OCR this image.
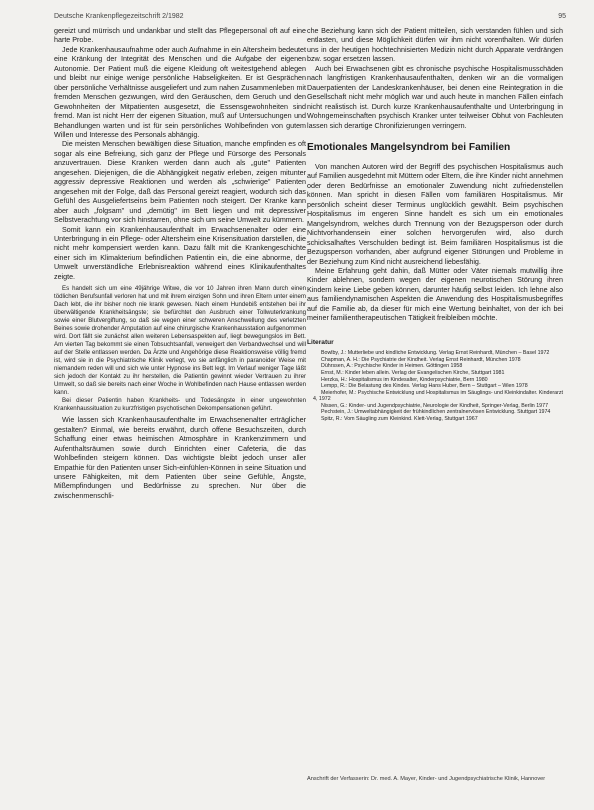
Deutsche Krankenpflegezeitschrift 2/1982	95

gereizt und mürrisch und undankbar und stellt das Pflegepersonal oft auf eine harte Probe.

Jede Krankenhausaufnahme oder auch Aufnahme in ein Altersheim bedeutet eine Kränkung der Integrität des Menschen und die Aufgabe der eigenen Autonomie. Der Patient muß die eigene Kleidung oft weitestgehend ablegen und bleibt nur einige wenige persönliche Habseligkeiten. Er ist Gesprächen über persönliche Verhältnisse ausgeliefert und zum nahen Zusammenleben mit fremden Menschen gezwungen, wird den Geräuschen, dem Geruch und den Gewohnheiten der Mitpatienten ausgesetzt, die Essensgewohnheiten sind fremd. Man ist nicht Herr der eigenen Situation, muß auf Untersuchungen und Behandlungen warten und ist für sein persönliches Wohlbefinden von gutem Willen und Interesse des Personals abhängig.

Die meisten Menschen bewältigen diese Situation, manche empfinden es oft sogar als eine Befreiung, sich ganz der Pflege und Fürsorge des Personals anzuvertrauen. Diese Kranken werden dann auch als „gute" Patienten angesehen. Diejenigen, die die Abhängigkeit negativ erleben, zeigen mitunter aggressiv depressive Reaktionen und werden als „schwierige" Patienten angesehen mit der Folge, daß das Personal gereizt reagiert, wodurch sich das Gefühl des Ausgeliefertseins beim Patienten noch steigert. Der Kranke kann aber auch „folgsam" und „demütig" im Bett liegen und mit depressiver Selbstverachtung vor sich hinstarren, ohne sich um seine Umwelt zu kümmern.

Somit kann ein Krankenhausaufenthalt im Erwachsenenalter oder eine Unterbringung in ein Pflege- oder Altersheim eine Krisensituation darstellen, die nicht mehr kompensiert werden kann. Dazu fällt mit die Krankengeschichte einer sich im Klimakterium befindlichen Patientin ein, die eine abnorme, der Umwelt unverständliche Erlebnisreaktion während eines Klinikaufenthaltes zeigte.

Es handelt sich um eine 49jährige Witwe, die vor 10 Jahren ihren Mann durch einen tödlichen Berufsunfall verloren hat und mit ihrem einzigen Sohn und ihren Eltern unter einem Dach lebt, die ihr bisher noch nie krank gewesen. Nach einem Hundebiß entstehen bei ihr überwältigende Krankheitsängste; sie befürchtet den Ausbruch einer Tollwuterkrankung sowie einer Blutvergiftung, so daß sie wegen einer schweren Anschwellung des verletzten Beines sowie drohender Amputation auf eine chirurgische Krankenhausstation aufgenommen wird. Dort fällt sie zunächst allen weiteren Lebensaspekten auf, liegt bewegungslos im Bett. Am vierten Tag bekommt sie einen Tobsuchtsanfall, verweigert den Verbandwechsel und will auf der Stelle entlassen werden. Da Ärzte und Angehörige diese Reaktionsweise völlig fremd ist, wird sie in die Psychiatrische Klinik verlegt, wo sie anfänglich in paranoider Weise mit niemandem reden will und sich wie unter Hypnose ins Bett legt. Im Verlauf weniger Tage läßt sich jedoch der Kontakt zu ihr herstellen, die Patientin gewinnt wieder Vertrauen zu ihrer Umwelt, so daß sie bereits nach einer Woche in Wohlbefinden nach Hause entlassen werden kann.

Bei dieser Patientin haben Krankheits- und Todesängste in einer ungewohnten Krankenhaussituation zu kurzfristigen psychotischen Dekompensationen geführt.

Wie lassen sich Krankenhausaufenthalte im Erwachsenenalter erträglicher gestalten? Einmal, wie bereits erwähnt, durch offene Besuchszeiten, durch Schaffung einer etwas heimischen Atmosphäre in Krankenzimmern und Aufenthaltsräumen sowie durch Einrichten einer Cafeteria, die das Wohlbefinden steigern können. Das wichtigste bleibt jedoch unser aller Empathie für den Patienten unser Sich-einfühlen-Können in seine Situation und unsere Fähigkeiten, mit dem Patienten über seine Gefühle, Ängste, Mißempfindungen und Bedürfnisse zu sprechen. Nur über die zwischenmenschli-

che Beziehung kann sich der Patient mitteilen, sich verstanden fühlen und sich entlasten, und diese Möglichkeit dürfen wir ihm nicht vorenthalten. Wir dürfen uns in der heutigen hochtechnisierten Medizin nicht durch Apparate verdrängen bzw. sogar ersetzen lassen.

Auch bei Erwachsenen gibt es chronische psychische Hospitalismusschäden nach langfristigen Krankenhausaufenthalten, denken wir an die vormaligen Dauerpatienten der Landeskrankenhäuser, bei denen eine Reintegration in die Gesellschaft nicht mehr möglich war und auch heute in manchen Fällen einfach nicht realistisch ist. Durch kurze Krankenhausaufenthalte und Unterbringung in Wohngemeinschaften psychisch Kranker unter teilweiser Obhut von Fachleuten lassen sich derartige Chronifizierungen verringern.

Emotionales Mangelsyndrom bei Familien

Von manchen Autoren wird der Begriff des psychischen Hospitalismus auch auf Familien ausgedehnt mit Müttern oder Eltern, die ihre Kinder nicht annehmen oder deren Bedürfnisse an emotionaler Zuwendung nicht zufriedenstellen können. Man spricht in diesen Fällen vom familiären Hospitalismus. Mir persönlich scheint dieser Terminus unglücklich gewählt. Beim psychischen Hospitalismus im engeren Sinne handelt es sich um ein emotionales Mangelsyndrom, welches durch Trennung von der Bezugsperson oder durch Nichtvorhandensein einer solchen hervorgerufen wird, also durch schicksalhaftes Verschulden bedingt ist. Beim familiären Hospitalismus ist die Bezugsperson vorhanden, aber aufgrund eigener Störungen und Probleme in der Beziehung zum Kind nicht ausreichend liebesfähig.

Meine Erfahrung geht dahin, daß Mütter oder Väter niemals mutwillig ihre Kinder ablehnen, sondern wegen der eigenen neurotischen Störung ihren Kindern keine Liebe geben können, darunter häufig selbst leiden. Ich lehne also aus familiendynamischen Aspekten die Anwendung des Hospitalismusbegriffes auf die Familie ab, da dieser für mich eine Wertung beinhaltet, von der ich bei meiner familientherapeutischen Tätigkeit freibleiben möchte.

Literatur

Bowlby, J.: Mutterliebe und kindliche Entwicklung. Verlag Ernst Reinhardt, München – Basel 1972

Chapman, A. H.: Die Psychiatrie der Kindheit. Verlag Ernst Reinhardt, München 1978

Dührssen, A.: Psychische Kinder in Heimen. Göttingen 1958

Ernst, M.: Kinder leben allein. Verlag der Evangelischen Kirche, Stuttgart 1981

Herzka, H.: Hospitalismus im Kindesalter, Kinderpsychiatrie, Bern 1980

Lempp, R.: Die Belastung des Kindes. Verlag Hans Huber, Bern – Stuttgart – Wien 1978

Meierhofer, M.: Psychische Entwicklung und Hospitalismus im Säuglings- und Kleinkindalter. Kinderarzt 4, 1972

Nissen, G.: Kinder- und Jugendpsychiatrie, Neurologie der Kindheit, Springer-Verlag, Berlin 1977

Pechstein, J.: Umweltabhängigkeit der frühkindlichen zentralnervösen Entwicklung. Stuttgart 1974

Spitz, R.: Vom Säugling zum Kleinkind. Klett-Verlag, Stuttgart 1967

Anschrift der Verfasserin: Dr. med. A. Mayer, Kinder- und Jugendpsychiatrische Klinik, Hannover
